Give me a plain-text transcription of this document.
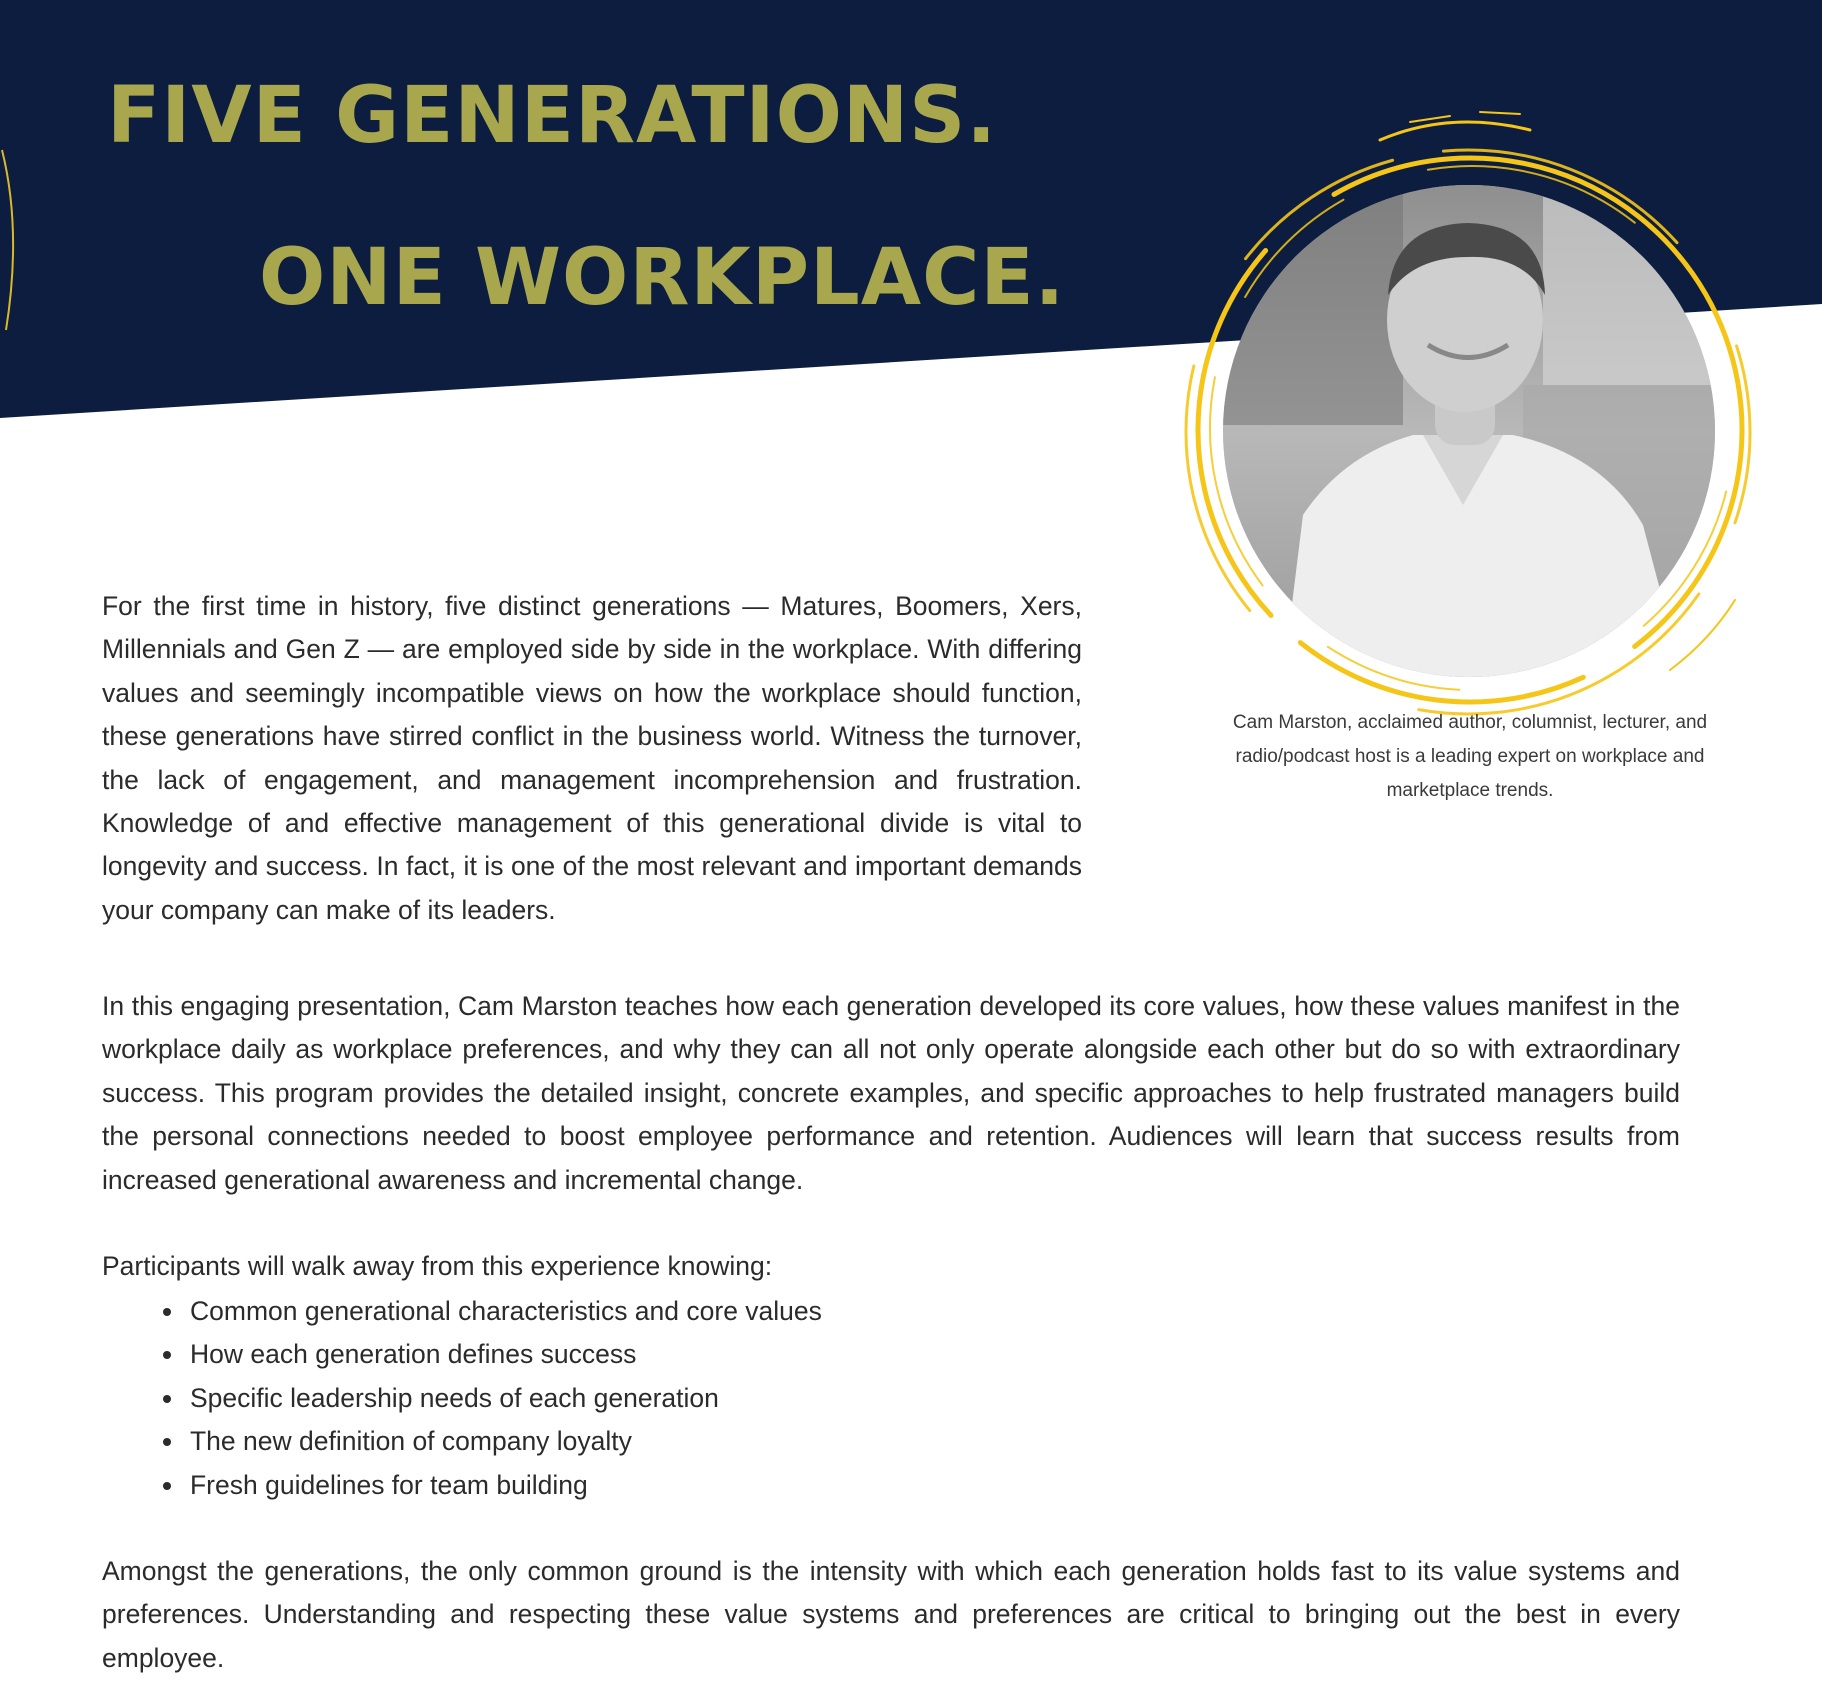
FIVE GENERATIONS.
ONE WORKPLACE.

Cam Marston, acclaimed author, columnist, lecturer, and radio/podcast host is a leading expert on workplace and marketplace trends.

For the first time in history, five distinct generations — Matures, Boomers, Xers, Millennials and Gen Z — are employed side by side in the workplace. With differing values and seemingly incompatible views on how the workplace should function, these generations have stirred conflict in the business world. Witness the turnover, the lack of engagement, and management incomprehension and frustration. Knowledge of and effective management of this generational divide is vital to longevity and success. In fact, it is one of the most relevant and important demands your company can make of its leaders.

In this engaging presentation, Cam Marston teaches how each generation developed its core values, how these values manifest in the workplace daily as workplace preferences, and why they can all not only operate alongside each other but do so with extraordinary success. This program provides the detailed insight, concrete examples, and specific approaches to help frustrated managers build the personal connections needed to boost employee performance and retention. Audiences will learn that success results from increased generational awareness and incremental change.

Participants will walk away from this experience knowing:

• Common generational characteristics and core values
• How each generation defines success
• Specific leadership needs of each generation
• The new definition of company loyalty
• Fresh guidelines for team building

Amongst the generations, the only common ground is the intensity with which each generation holds fast to its value systems and preferences. Understanding and respecting these value systems and preferences are critical to bringing out the best in every employee.
